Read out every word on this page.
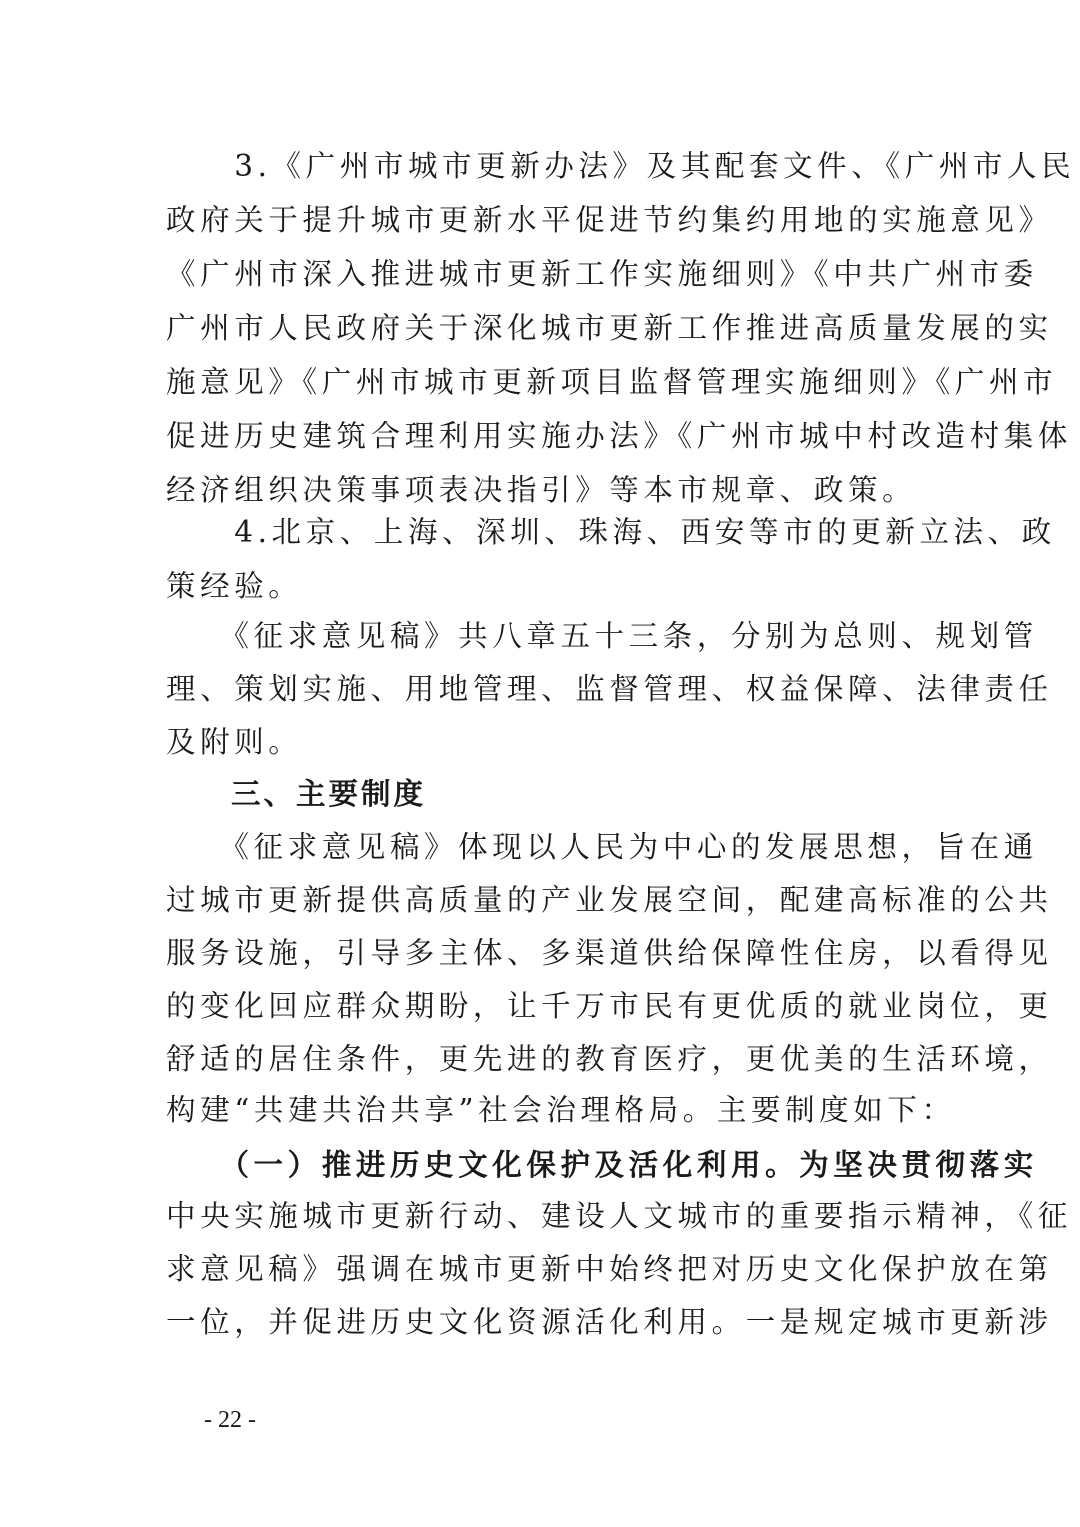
　　3.《广州市城市更新办法》及其配套文件、《广州市人民
政府关于提升城市更新水平促进节约集约用地的实施意见》
《广州市深入推进城市更新工作实施细则》《中共广州市委
广州市人民政府关于深化城市更新工作推进高质量发展的实
施意见》《广州市城市更新项目监督管理实施细则》《广州市
促进历史建筑合理利用实施办法》《广州市城中村改造村集体
经济组织决策事项表决指引》等本市规章、政策。
　　4.北京、上海、深圳、珠海、西安等市的更新立法、政
策经验。
　　《征求意见稿》共八章五十三条，分别为总则、规划管
理、策划实施、用地管理、监督管理、权益保障、法律责任
及附则。
　　三、主要制度
　　《征求意见稿》体现以人民为中心的发展思想，旨在通
过城市更新提供高质量的产业发展空间，配建高标准的公共
服务设施，引导多主体、多渠道供给保障性住房，以看得见
的变化回应群众期盼，让千万市民有更优质的就业岗位，更
舒适的居住条件，更先进的教育医疗，更优美的生活环境，
构建“共建共治共享”社会治理格局。主要制度如下：
　　（一）推进历史文化保护及活化利用。为坚决贯彻落实
中央实施城市更新行动、建设人文城市的重要指示精神，《征
求意见稿》强调在城市更新中始终把对历史文化保护放在第
一位，并促进历史文化资源活化利用。一是规定城市更新涉
- 22 -
